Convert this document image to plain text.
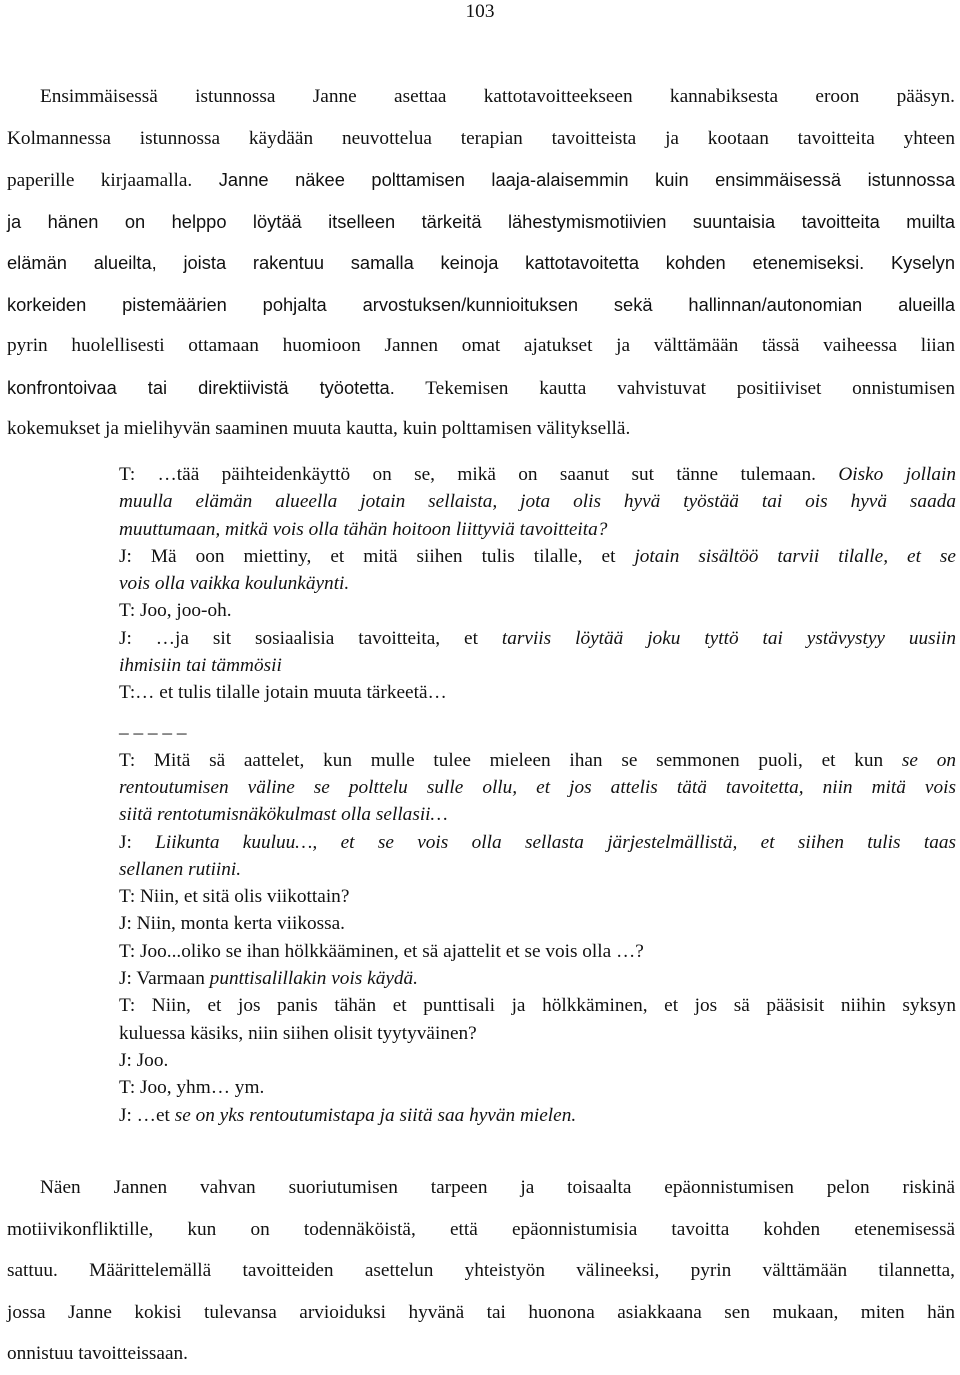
103
Ensimmäisessä istunnossa Janne asettaa kattotavoitteekseen kannabiksesta eroon pääsyn.
Kolmannessa istunnossa käydään neuvottelua terapian tavoitteista ja kootaan tavoitteita yhteen
paperille kirjaamalla. Janne näkee polttamisen laaja-alaisemmin kuin ensimmäisessä istunnossa
ja hänen on helppo löytää itselleen tärkeitä lähestymismotiivien suuntaisia tavoitteita muilta
elämän alueilta, joista rakentuu samalla keinoja kattotavoitetta kohden etenemiseksi. Kyselyn
korkeiden pistemäärien pohjalta arvostuksen/kunnioituksen sekä hallinnan/autonomian alueilla
pyrin huolellisesti ottamaan huomioon Jannen omat ajatukset ja välttämään tässä vaiheessa liian
konfrontoivaa tai direktiivistä työotetta. Tekemisen kautta vahvistuvat positiiviset onnistumisen
kokemukset ja mielihyvän saaminen muuta kautta, kuin polttamisen välityksellä.
T: …tää päihteidenkäyttö on se, mikä on saanut sut tänne tulemaan. Oisko jollain
muulla elämän alueella jotain sellaista, jota olis hyvä työstää tai ois hyvä saada
muuttumaan, mitkä vois olla tähän hoitoon liittyviä tavoitteita?
J: Mä oon miettiny, et mitä siihen tulis tilalle, et jotain sisältöö tarvii tilalle, et se
vois olla vaikka koulunkäynti.
T: Joo, joo-oh.
J: …ja sit sosiaalisia tavoitteita, et tarviis löytää joku tyttö tai ystävystyy uusiin
ihmisiin tai tämmösii
T:… et tulis tilalle jotain muuta tärkeetä…
_ _ _ _ _
T: Mitä sä aattelet, kun mulle tulee mieleen ihan se semmonen puoli, et kun se on
rentoutumisen väline se polttelu sulle ollu, et jos attelis tätä tavoitetta, niin mitä vois
siitä rentotumisnäkökulmast olla sellasii…
J: Liikunta kuuluu…, et se vois olla sellasta järjestelmällistä, et siihen tulis taas
sellanen rutiini.
T: Niin, et sitä olis viikottain?
J: Niin, monta kerta viikossa.
T: Joo...oliko se ihan hölkkääminen, et sä ajattelit et se vois olla …?
J: Varmaan punttisalillakin vois käydä.
T: Niin, et jos panis tähän et punttisali ja hölkkäminen, et jos sä pääsisit niihin syksyn
kuluessa käsiks, niin siihen olisit tyytyväinen?
J: Joo.
T: Joo, yhm… ym.
J: …et se on yks rentoutumistapa ja siitä saa hyvän mielen.
Näen Jannen vahvan suoriutumisen tarpeen ja toisaalta epäonnistumisen pelon riskinä
motiivikonfliktille, kun on todennäköistä, että epäonnistumisia tavoitta kohden etenemisessä
sattuu. Määrittelemällä tavoitteiden asettelun yhteistyön välineeksi, pyrin välttämään tilannetta,
jossa Janne kokisi tulevansa arvioiduksi hyvänä tai huonona asiakkaana sen mukaan, miten hän
onnistuu tavoitteissaan.
